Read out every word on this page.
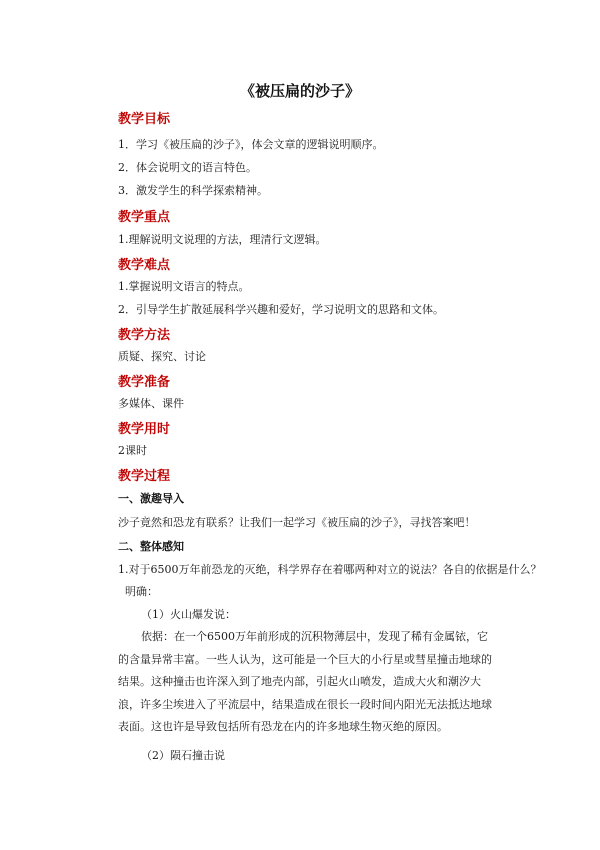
《被压扁的沙子》
教学目标
1．学习《被压扁的沙子》，体会文章的逻辑说明顺序。
2．体会说明文的语言特色。
3．激发学生的科学探索精神。
教学重点
1.理解说明文说理的方法，理清行文逻辑。
教学难点
1.掌握说明文语言的特点。
2．引导学生扩散延展科学兴趣和爱好，学习说明文的思路和文体。
教学方法
质疑、探究、讨论
教学准备
多媒体、课件
教学用时
2课时
教学过程
一、激趣导入
沙子竟然和恐龙有联系？让我们一起学习《被压扁的沙子》，寻找答案吧！
二、整体感知
1.对于6500万年前恐龙的灭绝，科学界存在着哪两种对立的说法？各自的依据是什么？
明确：
（1）火山爆发说：
依据：在一个6500万年前形成的沉积物薄层中，发现了稀有金属铱，它的含量异常丰富。一些人认为，这可能是一个巨大的小行星或彗星撞击地球的结果。这种撞击也许深入到了地壳内部，引起火山喷发，造成大火和潮汐大浪，许多尘埃进入了平流层中，结果造成在很长一段时间内阳光无法抵达地球表面。这也许是导致包括所有恐龙在内的许多地球生物灭绝的原因。
（2）陨石撞击说
